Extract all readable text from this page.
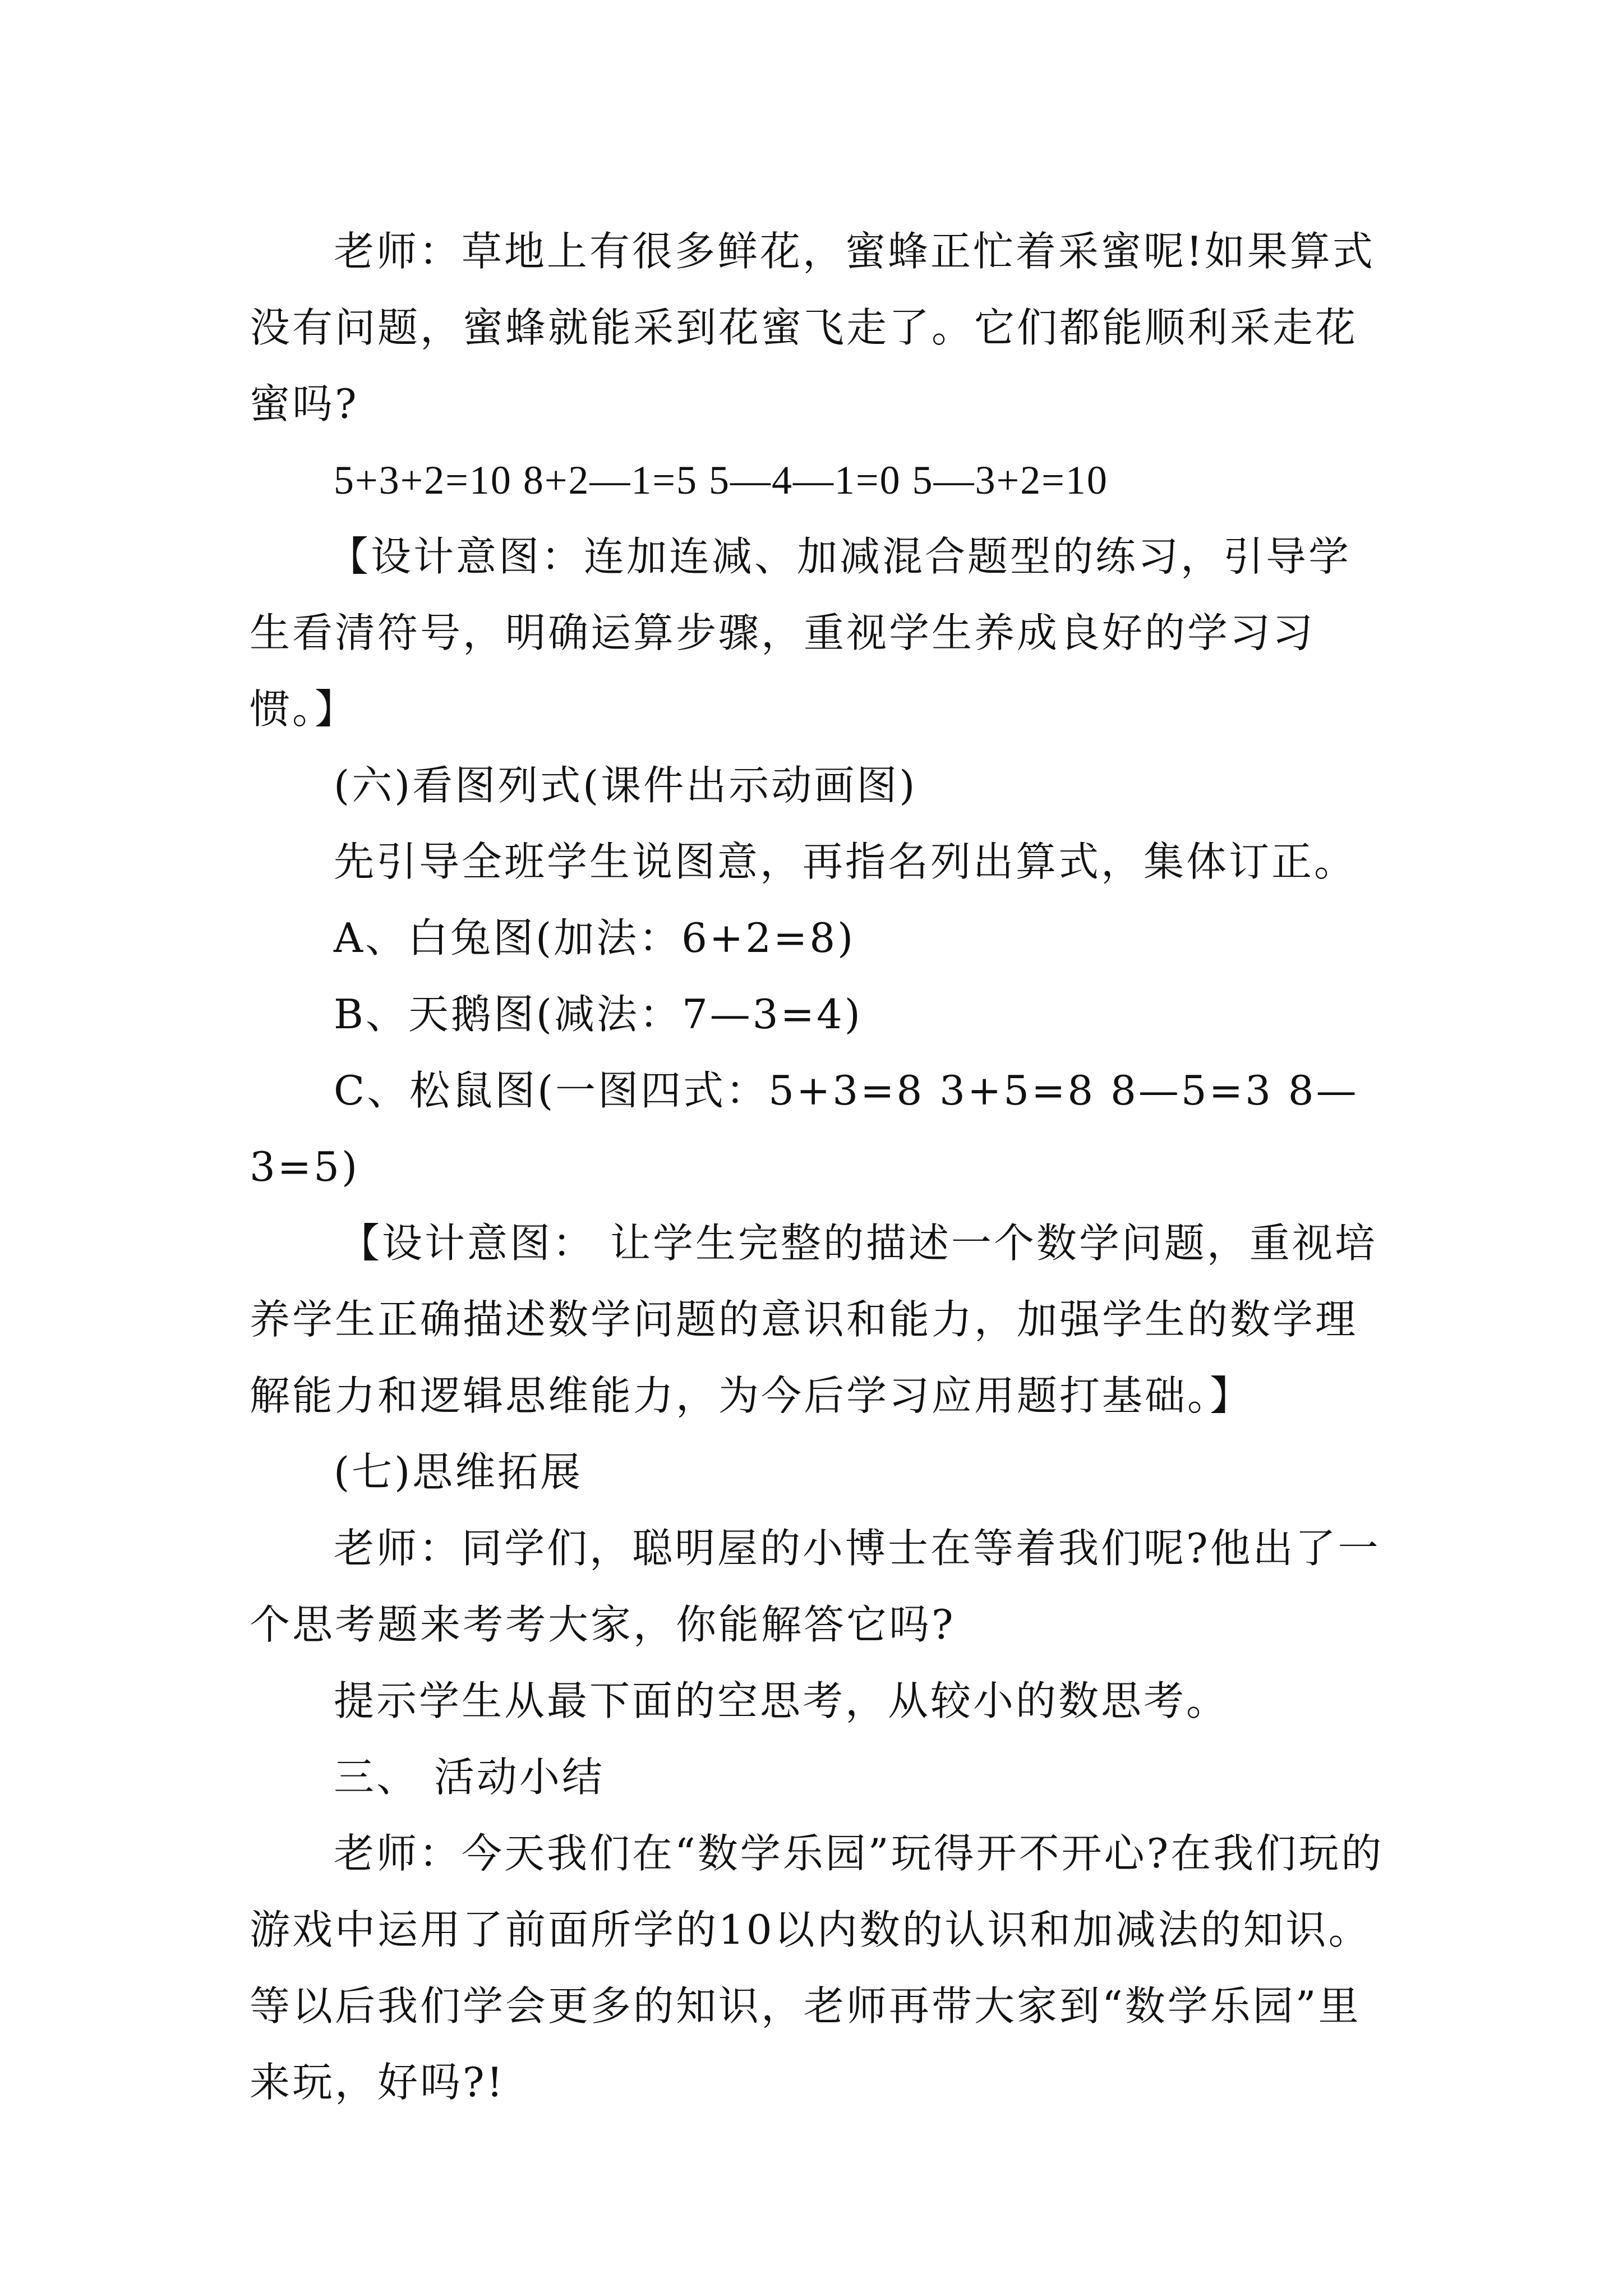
老师：草地上有很多鲜花，蜜蜂正忙着采蜜呢!如果算式没有问题，蜜蜂就能采到花蜜飞走了。它们都能顺利采走花蜜吗?

5+3+2=10 8+2—1=5 5—4—1=0 5—3+2=10

【设计意图：连加连减、加减混合题型的练习，引导学生看清符号，明确运算步骤，重视学生养成良好的学习习惯。】

(六)看图列式(课件出示动画图)

先引导全班学生说图意，再指名列出算式，集体订正。

A、白兔图(加法：6+2=8)

B、天鹅图(减法：7—3=4)

C、松鼠图(一图四式：5+3=8 3+5=8 8—5=3 8—3=5)

【设计意图： 让学生完整的描述一个数学问题，重视培养学生正确描述数学问题的意识和能力，加强学生的数学理解能力和逻辑思维能力，为今后学习应用题打基础。】

(七)思维拓展

老师：同学们，聪明屋的小博士在等着我们呢?他出了一个思考题来考考大家，你能解答它吗?

提示学生从最下面的空思考，从较小的数思考。

三、 活动小结

老师：今天我们在“数学乐园”玩得开不开心?在我们玩的游戏中运用了前面所学的10以内数的认识和加减法的知识。等以后我们学会更多的知识，老师再带大家到“数学乐园”里来玩，好吗?!
